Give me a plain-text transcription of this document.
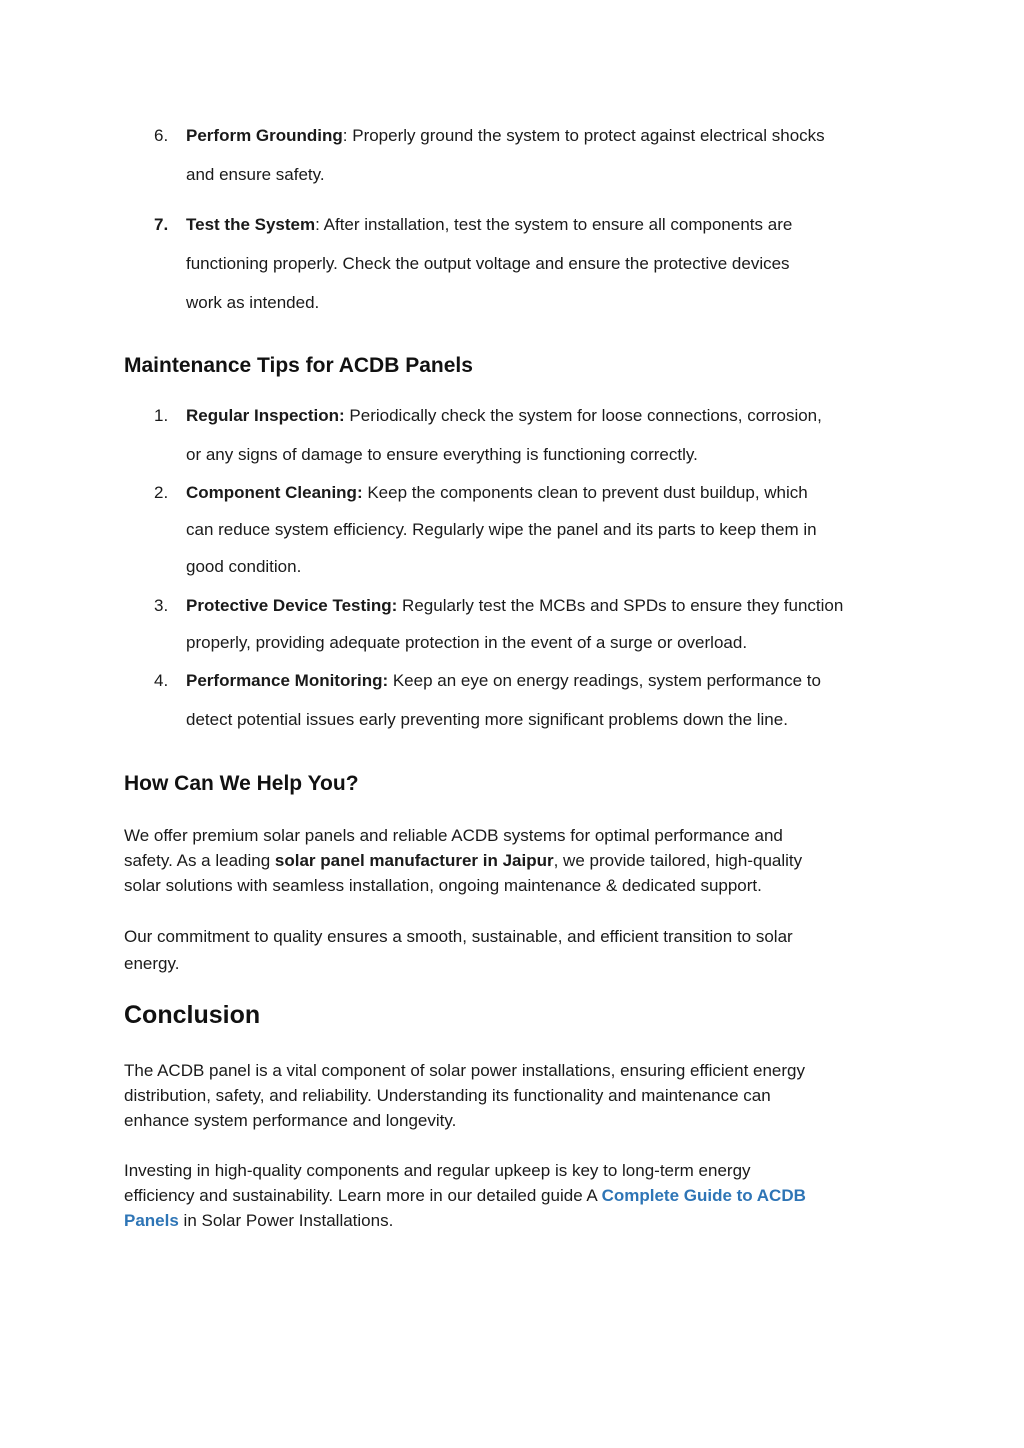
6. Perform Grounding: Properly ground the system to protect against electrical shocks
and ensure safety.
7. Test the System: After installation, test the system to ensure all components are
functioning properly. Check the output voltage and ensure the protective devices
work as intended.
Maintenance Tips for ACDB Panels
1. Regular Inspection: Periodically check the system for loose connections, corrosion,
or any signs of damage to ensure everything is functioning correctly.
2. Component Cleaning: Keep the components clean to prevent dust buildup, which
can reduce system efficiency. Regularly wipe the panel and its parts to keep them in
good condition.
3. Protective Device Testing: Regularly test the MCBs and SPDs to ensure they function
properly, providing adequate protection in the event of a surge or overload.
4. Performance Monitoring: Keep an eye on energy readings, system performance to
detect potential issues early preventing more significant problems down the line.
How Can We Help You?
We offer premium solar panels and reliable ACDB systems for optimal performance and
safety. As a leading solar panel manufacturer in Jaipur, we provide tailored, high-quality
solar solutions with seamless installation, ongoing maintenance & dedicated support.
Our commitment to quality ensures a smooth, sustainable, and efficient transition to solar
energy.
Conclusion
The ACDB panel is a vital component of solar power installations, ensuring efficient energy
distribution, safety, and reliability. Understanding its functionality and maintenance can
enhance system performance and longevity.
Investing in high-quality components and regular upkeep is key to long-term energy
efficiency and sustainability. Learn more in our detailed guide A Complete Guide to ACDB
Panels in Solar Power Installations.
